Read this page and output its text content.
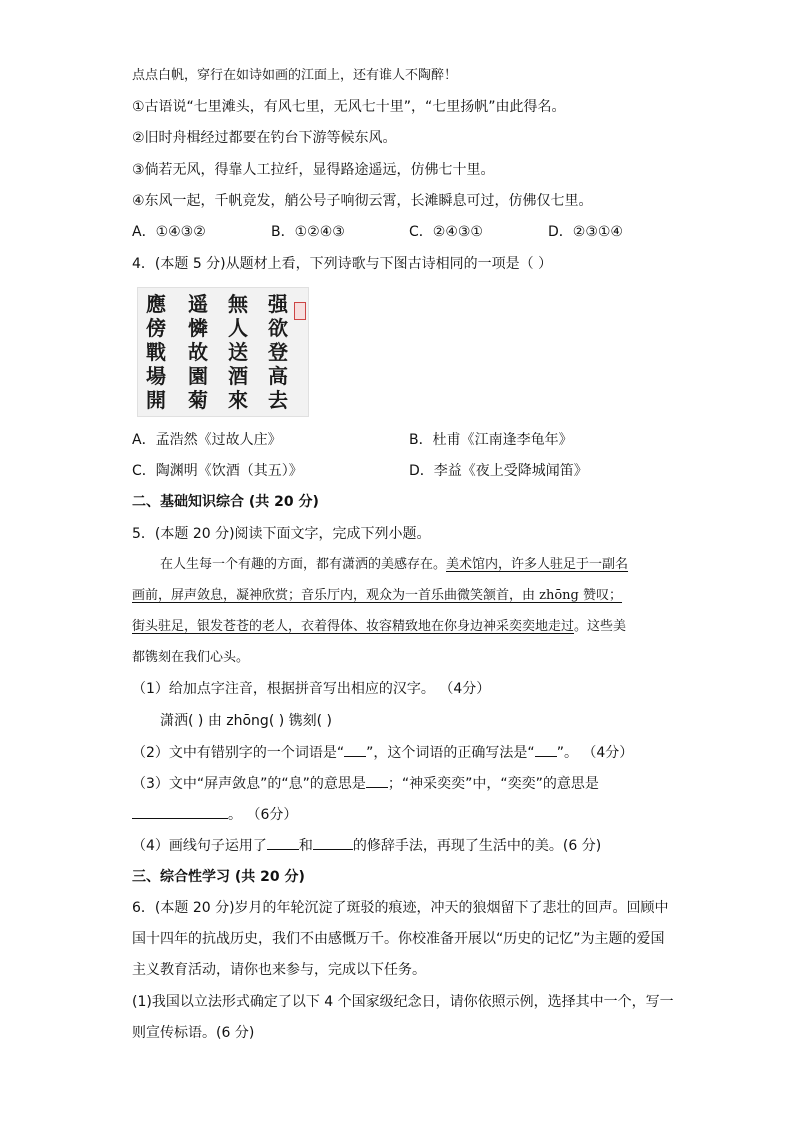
点点白帆，穿行在如诗如画的江面上，还有谁人不陶醉！
①古语说“七里滩头，有风七里，无风七十里”，“七里扬帆”由此得名。
②旧时舟楫经过都要在钓台下游等候东风。
③倘若无风，得靠人工拉纤，显得路途遥远，仿佛七十里。
④东风一起，千帆竞发，艄公号子响彻云霄，长滩瞬息可过，仿佛仅七里。
A．①④③②	B．①②④③	C．②④③①	D．②③①④
4．(本题 5 分)从题材上看，下列诗歌与下图古诗相同的一项是（ ）
强
欲
登
高
去
無
人
送
酒
來
遥
憐
故
園
菊
應
傍
戰
場
開
A．孟浩然《过故人庄》	B．杜甫《江南逢李龟年》
C．陶渊明《饮酒（其五）》	D．李益《夜上受降城闻笛》
二、基础知识综合 (共 20 分)
5．(本题 20 分)阅读下面文字，完成下列小题。
在人生每一个有趣的方面，都有潇洒的美感存在。美术馆内，许多人驻足于一副名
画前，屏声敛息，凝神欣赏；音乐厅内，观众为一首乐曲微笑颔首，由 zhōng 赞叹；
街头驻足，银发苍苍的老人，衣着得体、妆容精致地在你身边神采奕奕地走过。这些美
都镌刻在我们心头。
（1）给加点字注音，根据拼音写出相应的汉字。 （4分）
潇洒( ) 由 zhōng( ) 镌刻( )
（2）文中有错别字的一个词语是“ ”，这个词语的正确写法是“ ”。 （4分）
（3）文中“屏声敛息”的“息”的意思是 ；“神采奕奕”中，“奕奕”的意思是
。 （6分）
（4）画线句子运用了 和	的修辞手法，再现了生活中的美。(6 分)
三、综合性学习 (共 20 分)
6．(本题 20 分)岁月的年轮沉淀了斑驳的痕迹，冲天的狼烟留下了悲壮的回声。回顾中
国十四年的抗战历史，我们不由感慨万千。你校准备开展以“历史的记忆”为主题的爱国
主义教育活动，请你也来参与，完成以下任务。
(1)我国以立法形式确定了以下 4 个国家级纪念日，请你依照示例，选择其中一个，写一
则宣传标语。(6 分)
